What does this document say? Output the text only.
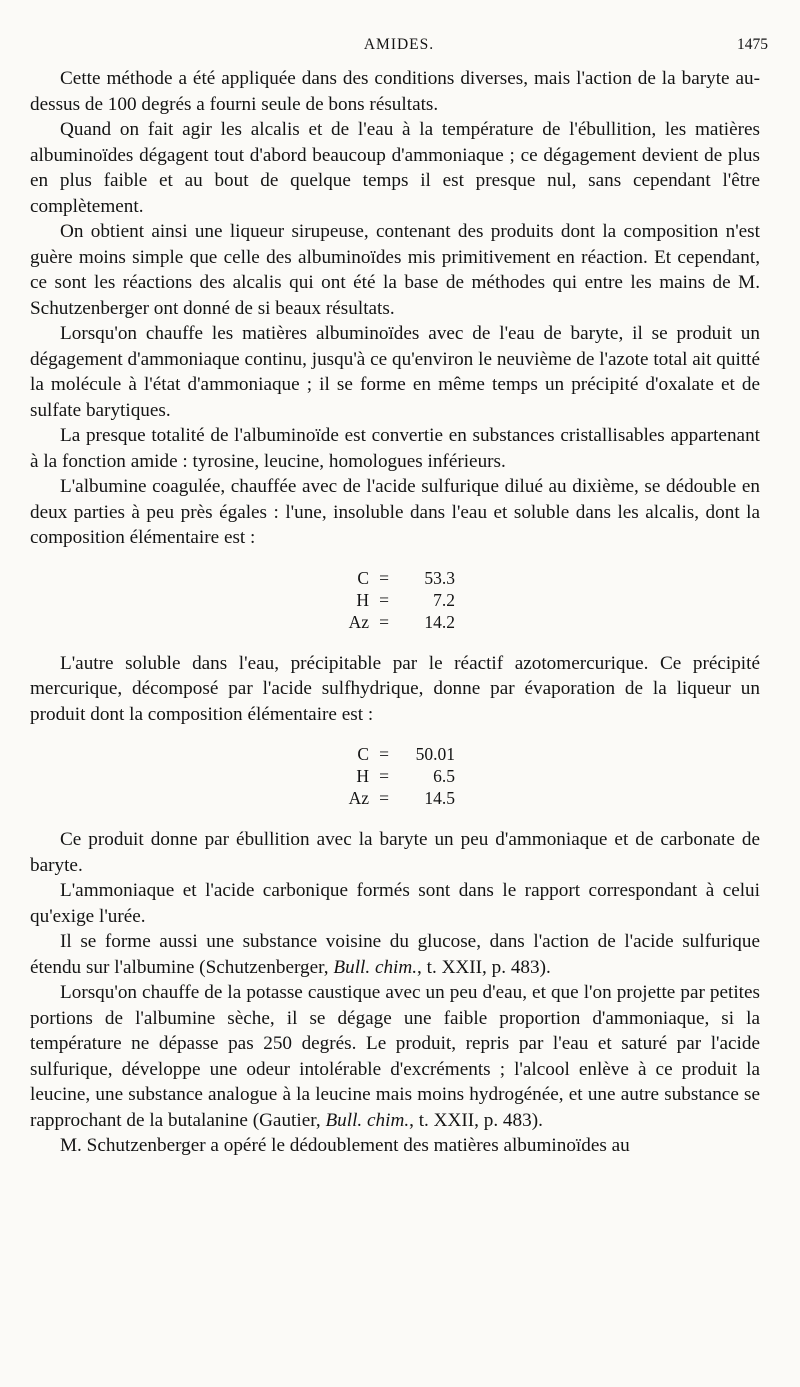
AMIDES.	1475

Cette méthode a été appliquée dans des conditions diverses, mais l'action de la baryte au-dessus de 100 degrés a fourni seule de bons résultats.

Quand on fait agir les alcalis et de l'eau à la température de l'ébullition, les matières albuminoïdes dégagent tout d'abord beaucoup d'ammoniaque ; ce dégagement devient de plus en plus faible et au bout de quelque temps il est presque nul, sans cependant l'être complètement.

On obtient ainsi une liqueur sirupeuse, contenant des produits dont la composition n'est guère moins simple que celle des albuminoïdes mis primitivement en réaction. Et cependant, ce sont les réactions des alcalis qui ont été la base de méthodes qui entre les mains de M. Schutzenberger ont donné de si beaux résultats.

Lorsqu'on chauffe les matières albuminoïdes avec de l'eau de baryte, il se produit un dégagement d'ammoniaque continu, jusqu'à ce qu'environ le neuvième de l'azote total ait quitté la molécule à l'état d'ammoniaque ; il se forme en même temps un précipité d'oxalate et de sulfate barytiques.

La presque totalité de l'albuminoïde est convertie en substances cristallisables appartenant à la fonction amide : tyrosine, leucine, homologues inférieurs.

L'albumine coagulée, chauffée avec de l'acide sulfurique dilué au dixième, se dédouble en deux parties à peu près égales : l'une, insoluble dans l'eau et soluble dans les alcalis, dont la composition élémentaire est :

C =	53.3
H =	7.2
Az =	14.2

L'autre soluble dans l'eau, précipitable par le réactif azotomercurique. Ce précipité mercurique, décomposé par l'acide sulfhydrique, donne par évaporation de la liqueur un produit dont la composition élémentaire est :

C =	50.01
H =	6.5
Az =	14.5

Ce produit donne par ébullition avec la baryte un peu d'ammoniaque et de carbonate de baryte.

L'ammoniaque et l'acide carbonique formés sont dans le rapport correspondant à celui qu'exige l'urée.

Il se forme aussi une substance voisine du glucose, dans l'action de l'acide sulfurique étendu sur l'albumine (Schutzenberger, Bull. chim., t. XXII, p. 483).

Lorsqu'on chauffe de la potasse caustique avec un peu d'eau, et que l'on projette par petites portions de l'albumine sèche, il se dégage une faible proportion d'ammoniaque, si la température ne dépasse pas 250 degrés. Le produit, repris par l'eau et saturé par l'acide sulfurique, développe une odeur intolérable d'excréments ; l'alcool enlève à ce produit la leucine, une substance analogue à la leucine mais moins hydrogénée, et une autre substance se rapprochant de la butalanine (Gautier, Bull. chim., t. XXII, p. 483).

M. Schutzenberger a opéré le dédoublement des matières albuminoïdes au
